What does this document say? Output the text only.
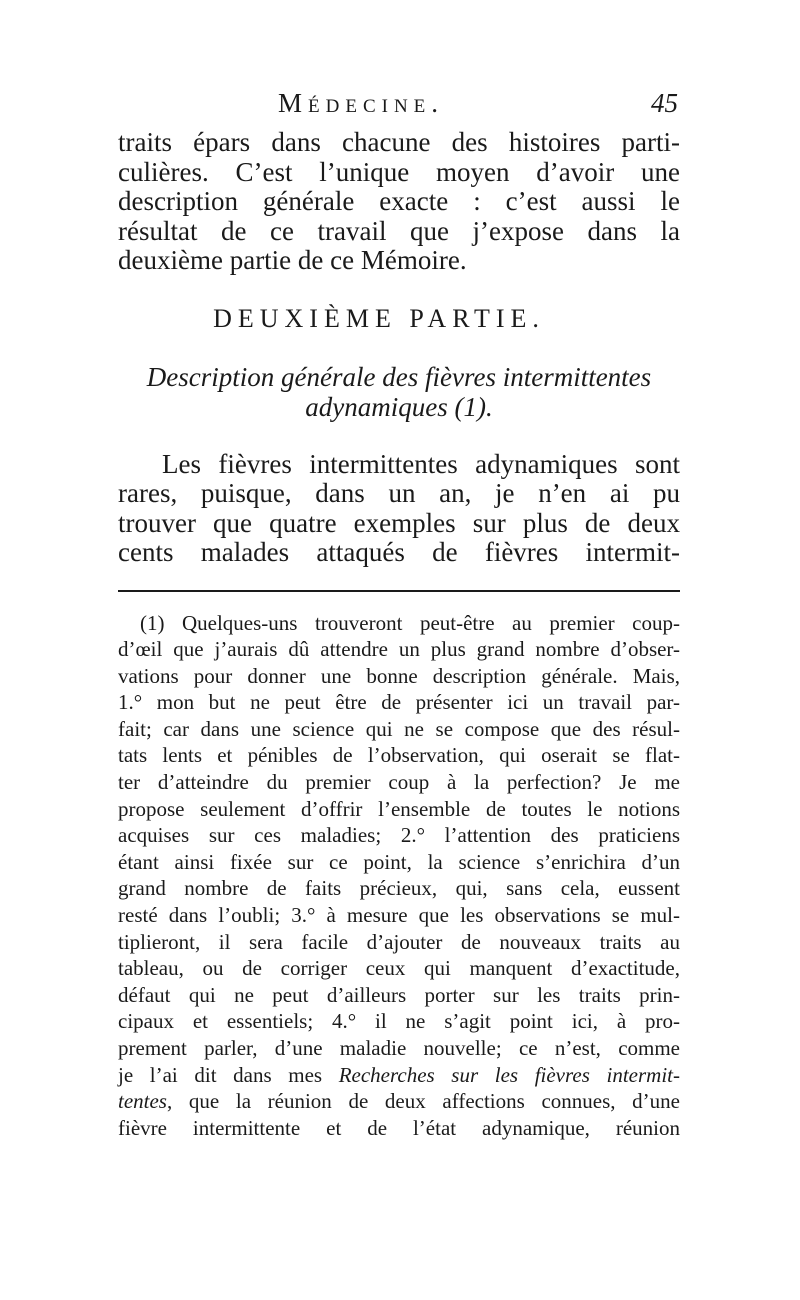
Médecine.	45
traits épars dans chacune des histoires parti-
culières. C’est l’unique moyen d’avoir une
description générale exacte : c’est aussi le
résultat de ce travail que j’expose dans la
deuxième partie de ce Mémoire.
DEUXIÈME PARTIE.
Description générale des fièvres intermittentes
adynamiques (1).
Les fièvres intermittentes adynamiques sont
rares, puisque, dans un an, je n’en ai pu
trouver que quatre exemples sur plus de deux
cents malades attaqués de fièvres intermit-
(1) Quelques-uns trouveront peut-être au premier coup-
d’œil que j’aurais dû attendre un plus grand nombre d’obser-
vations pour donner une bonne description générale. Mais,
1.° mon but ne peut être de présenter ici un travail par-
fait; car dans une science qui ne se compose que des résul-
tats lents et pénibles de l’observation, qui oserait se flat-
ter d’atteindre du premier coup à la perfection? Je me
propose seulement d’offrir l’ensemble de toutes le notions
acquises sur ces maladies; 2.° l’attention des praticiens
étant ainsi fixée sur ce point, la science s’enrichira d’un
grand nombre de faits précieux, qui, sans cela, eussent
resté dans l’oubli; 3.° à mesure que les observations se mul-
tiplieront, il sera facile d’ajouter de nouveaux traits au
tableau, ou de corriger ceux qui manquent d’exactitude,
défaut qui ne peut d’ailleurs porter sur les traits prin-
cipaux et essentiels; 4.° il ne s’agit point ici, à pro-
prement parler, d’une maladie nouvelle; ce n’est, comme
je l’ai dit dans mes Recherches sur les fièvres intermit-
tentes, que la réunion de deux affections connues, d’une
fièvre intermittente et de l’état adynamique, réunion
